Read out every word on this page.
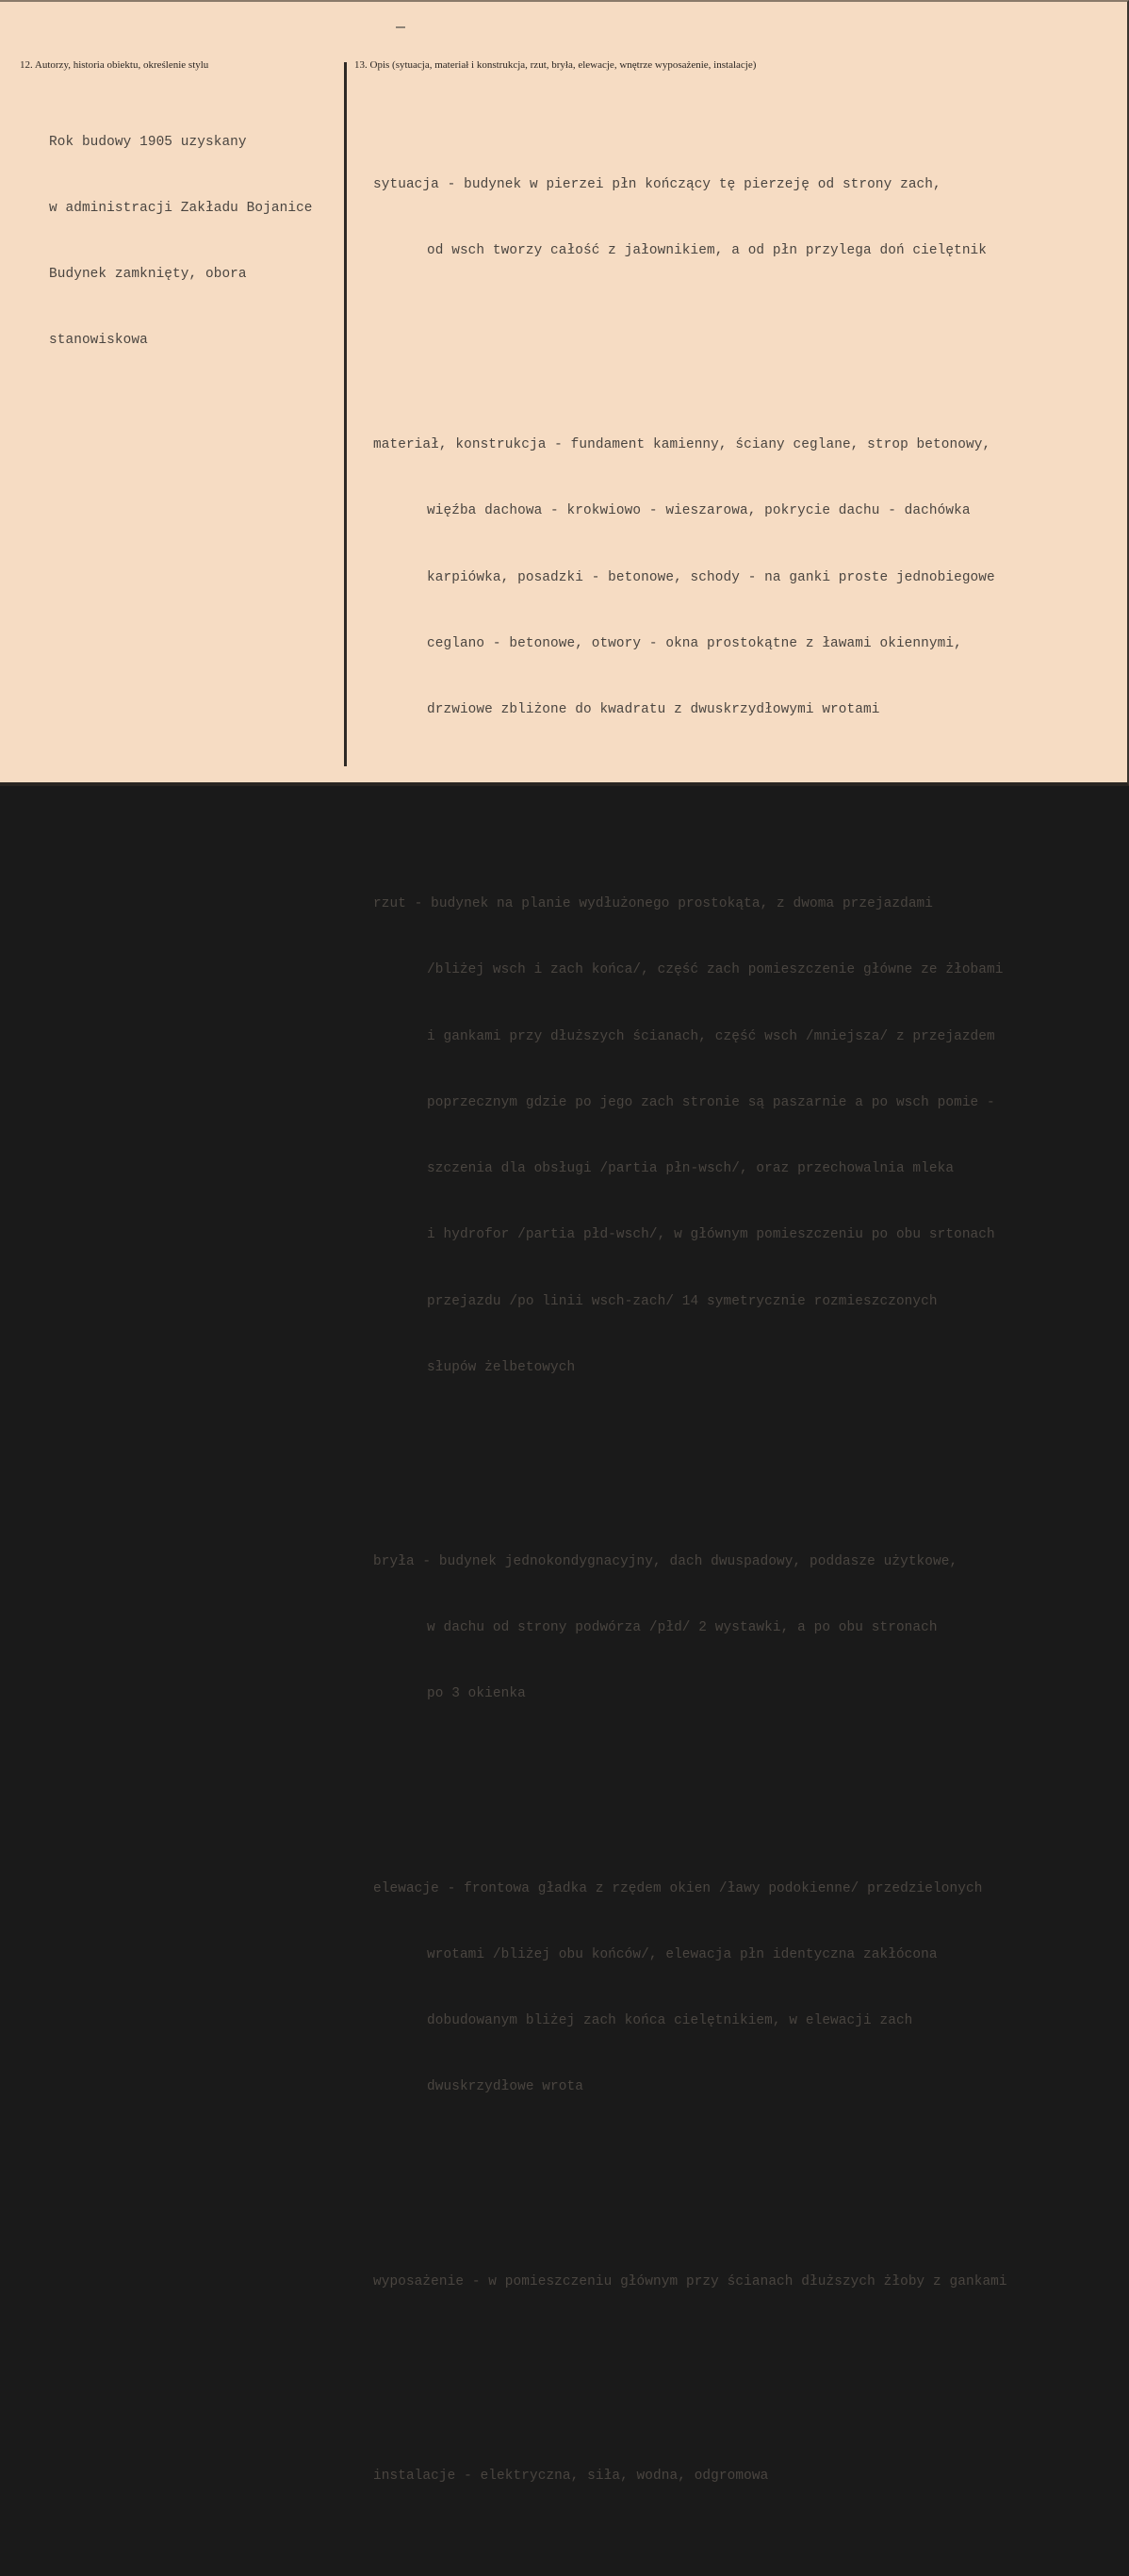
12. Autorzy, historia obiektu, określenie stylu	13. Opis (sytuacja, materiał i konstrukcja, rzut, bryła, elewacje, wnętrze wyposażenie, instalacje)

Rok budowy 1905 uzyskany

w administracji Zakładu Bojanice

Budynek zamknięty, obora

stanowiskowa

sytuacja - budynek w pierzei płn kończący tę pierzeję od strony zach,

od wsch tworzy całość z jałownikiem, a od płn przylega doń cielętnik

materiał, konstrukcja - fundament kamienny, ściany ceglane, strop betonowy,

więźba dachowa - krokwiowo - wieszarowa, pokrycie dachu - dachówka

karpiówka, posadzki - betonowe, schody - na ganki proste jednobiegowe

ceglano - betonowe, otwory - okna prostokątne z ławami okiennymi,

drzwiowe zbliżone do kwadratu z dwuskrzydłowymi wrotami

rzut - budynek na planie wydłużonego prostokąta, z dwoma przejazdami

/bliżej wsch i zach końca/, część zach pomieszczenie główne ze żłobami

i gankami przy dłuższych ścianach, część wsch /mniejsza/ z przejazdem

poprzecznym gdzie po jego zach stronie są paszarnie a po wsch pomie -

szczenia dla obsługi /partia płn-wsch/, oraz przechowalnia mleka

i hydrofor /partia płd-wsch/, w głównym pomieszczeniu po obu srtonach

przejazdu /po linii wsch-zach/ 14 symetrycznie rozmieszczonych

słupów żelbetowych

bryła - budynek jednokondygnacyjny, dach dwuspadowy, poddasze użytkowe,

w dachu od strony podwórza /płd/ 2 wystawki, a po obu stronach

po 3 okienka

elewacje - frontowa gładka z rzędem okien /ławy podokienne/ przedzielonych

wrotami /bliżej obu końców/, elewacja płn identyczna zakłócona

dobudowanym bliżej zach końca cielętnikiem, w elewacji zach

dwuskrzydłowe wrota

wyposażenie - w pomieszczeniu głównym przy ścianach dłuższych żłoby z gankami

instalacje - elektryczna, siła, wodna, odgromowa
